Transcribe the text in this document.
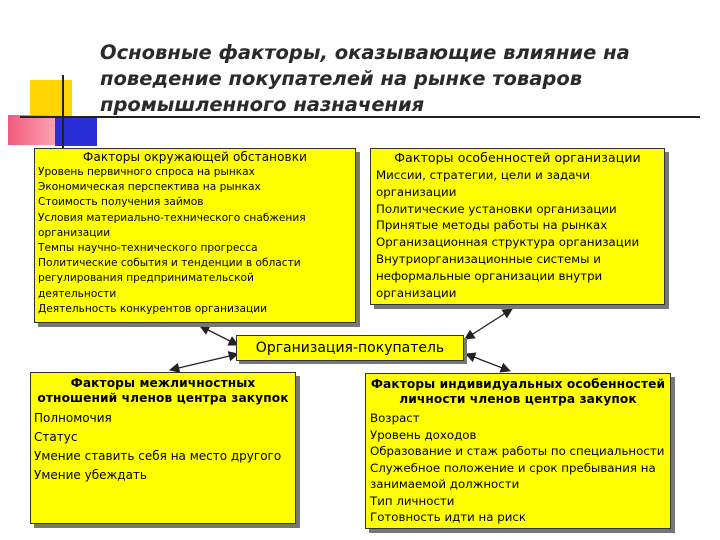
Основные факторы, оказывающие влияние на поведение покупателей на рынке товаров промышленного назначения
Факторы окружающей обстановки
Уровень первичного спроса на рынках
Экономическая перспектива на рынках
Стоимость получения займов
Условия материально-технического снабжения
организации
Темпы научно-технического прогресса
Политические события и тенденции в области
регулирования предпринимательской
деятельности
Деятельность конкурентов организации
Факторы особенностей организации
Миссии, стратегии, цели и задачи
организации
Политические установки организации
Принятые методы работы на рынках
Организационная структура организации
Внутриорганизационные системы и
неформальные организации внутри
организации
Организация-покупатель
Факторы межличностных отношений членов центра закупок
Полномочия
Статус
Умение ставить себя на место другого
Умение убеждать
Факторы индивидуальных особенностей личности членов центра закупок
Возраст
Уровень доходов
Образование и стаж работы по специальности
Служебное положение и срок пребывания на
занимаемой должности
Тип личности
Готовность идти на риск
